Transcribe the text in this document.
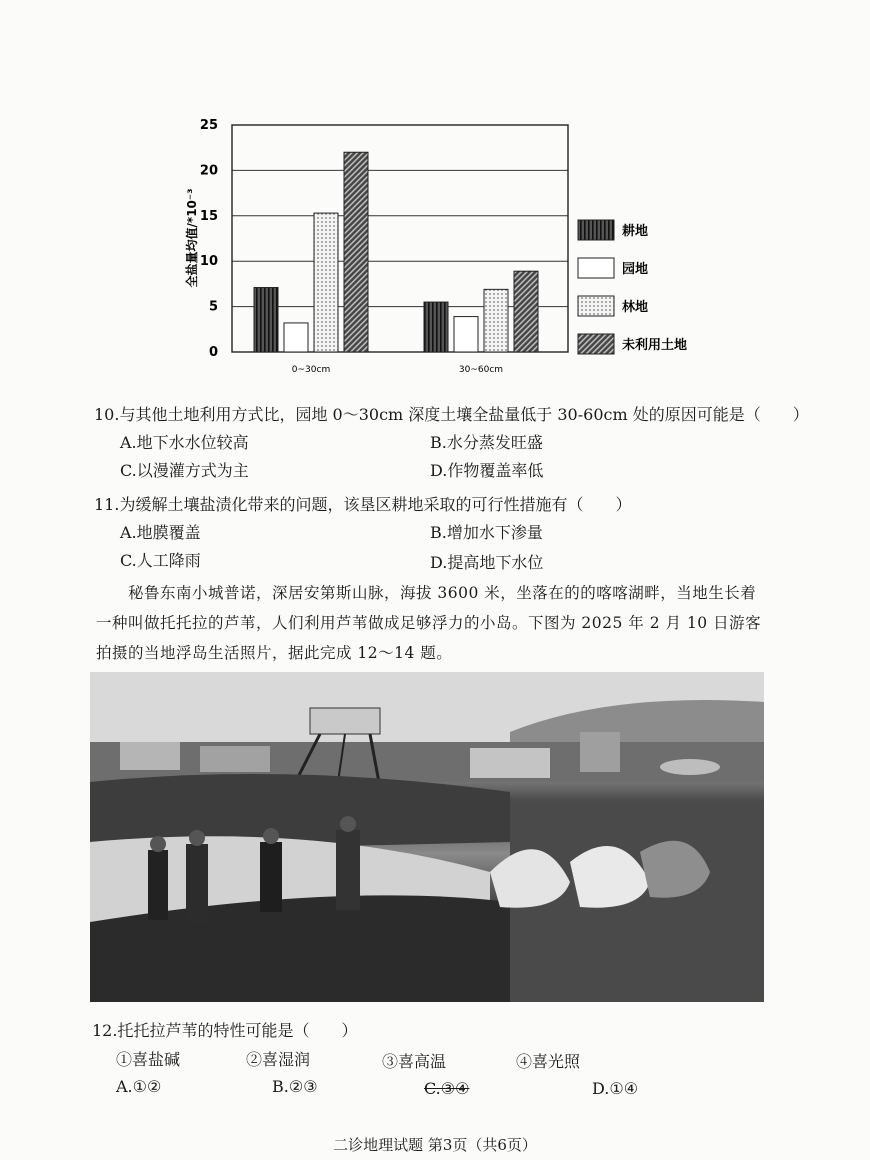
0
5
10
15
20
25
0~30cm	30~60cm
耕地
园地
林地
未利用土地
全盐量均值/*10⁻³
10.与其他土地利用方式比，园地 0～30cm 深度土壤全盐量低于 30-60cm 处的原因可能是（　　）
A.地下水水位较高	B.水分蒸发旺盛
C.以漫灌方式为主	D.作物覆盖率低
11.为缓解土壤盐渍化带来的问题，该垦区耕地采取的可行性措施有（　　）
A.地膜覆盖	B.增加水下渗量
C.人工降雨	D.提高地下水位
秘鲁东南小城普诺，深居安第斯山脉，海拔 3600 米，坐落在的的喀喀湖畔，当地生长着
一种叫做托托拉的芦苇，人们利用芦苇做成足够浮力的小岛。下图为 2025 年 2 月 10 日游客
拍摄的当地浮岛生活照片，据此完成 12～14 题。
12.托托拉芦苇的特性可能是（　　）
①喜盐碱	②喜湿润	③喜高温	④喜光照
A.①②	B.②③	C.③④	D.①④
二诊地理试题 第3页（共6页）
